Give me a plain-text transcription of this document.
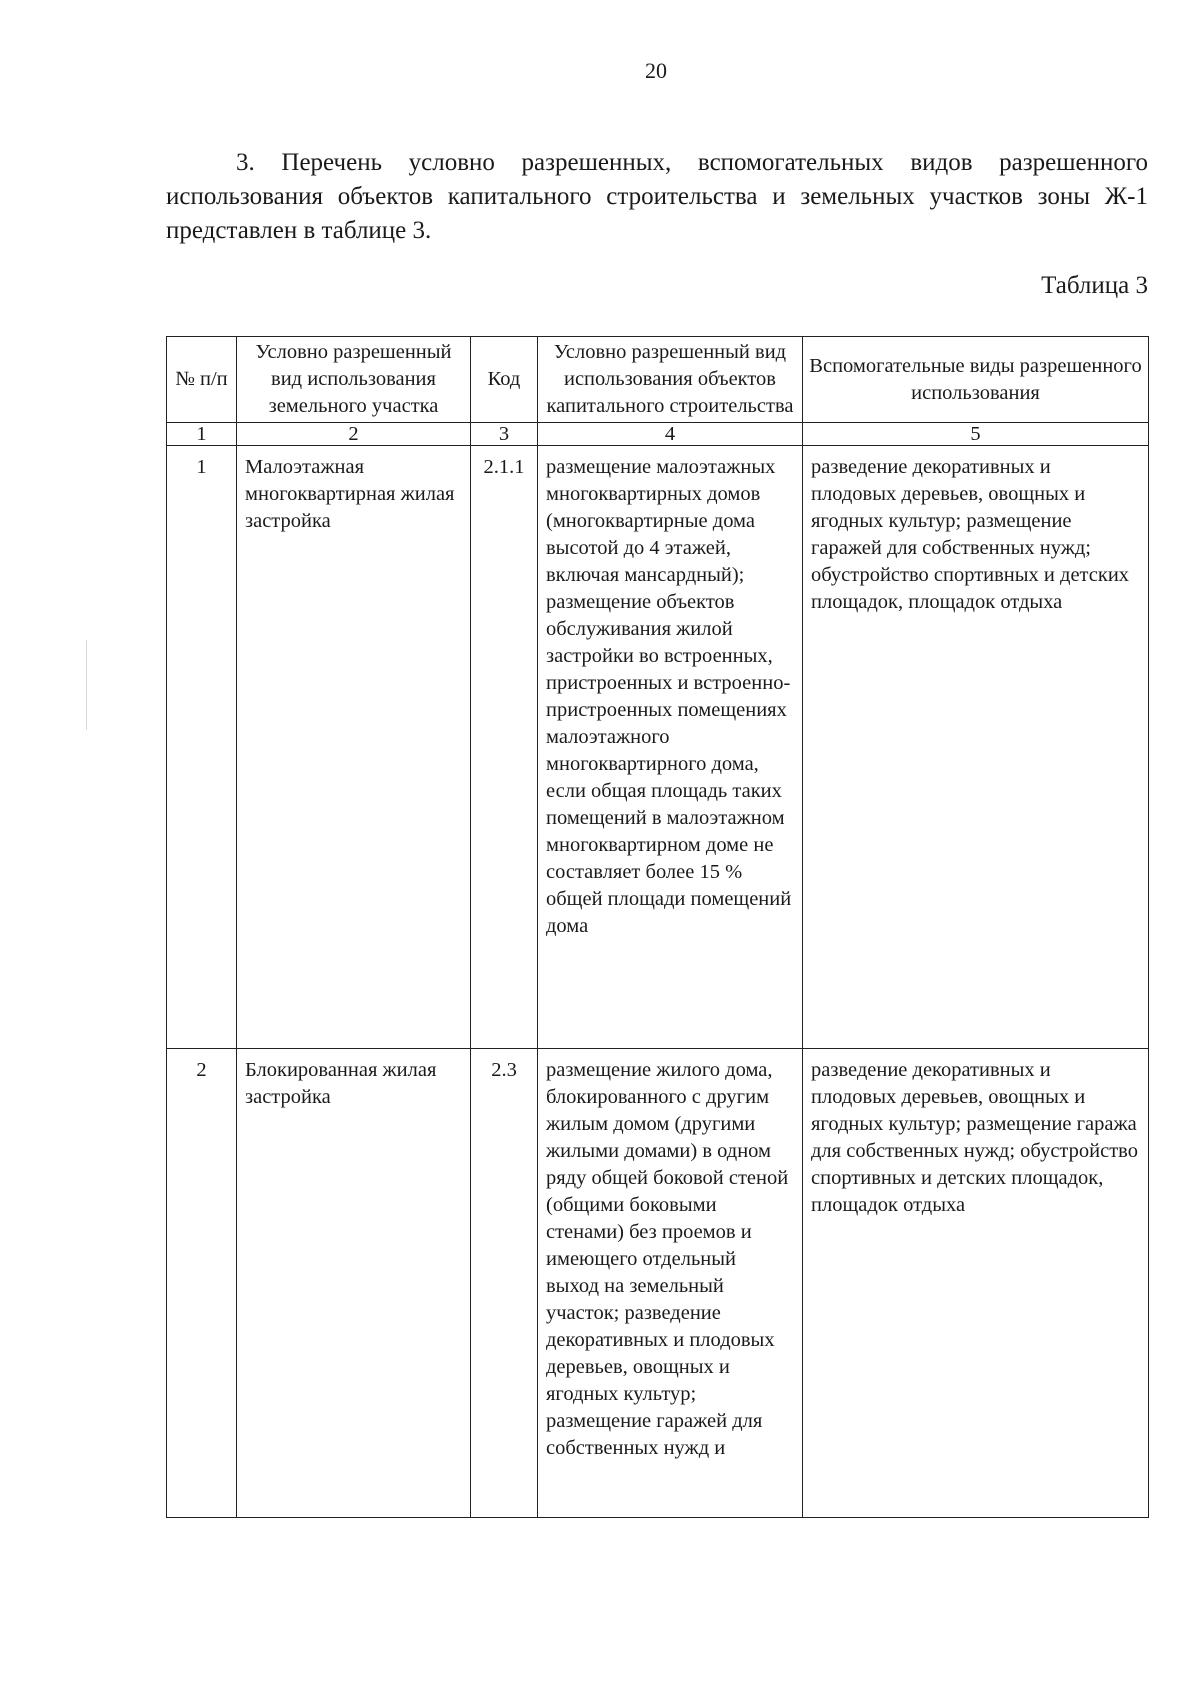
20

3. Перечень условно разрешенных, вспомогательных видов разрешенного использования объектов капитального строительства и земельных участков зоны Ж-1 представлен в таблице 3.

Таблица 3
№ п/п	Условно разрешенный вид использования земельного участка	Код	Условно разрешенный вид использования объектов капитального строительства	Вспомогательные виды разрешенного использования
1	2	3	4	5
1	Малоэтажная многоквартирная жилая застройка	2.1.1	размещение малоэтажных многоквартирных домов (многоквартирные дома высотой до 4 этажей, включая мансардный); размещение объектов обслуживания жилой застройки во встроенных, пристроенных и встроенно-пристроенных помещениях малоэтажного многоквартирного дома, если общая площадь таких помещений в малоэтажном многоквартирном доме не составляет более 15 % общей площади помещений дома	разведение декоративных и плодовых деревьев, овощных и ягодных культур; размещение гаражей для собственных нужд; обустройство спортивных и детских площадок, площадок отдыха
2	Блокированная жилая застройка	2.3	размещение жилого дома, блокированного с другим жилым домом (другими жилыми домами) в одном ряду общей боковой стеной (общими боковыми стенами) без проемов и имеющего отдельный выход на земельный участок; разведение декоративных и плодовых деревьев, овощных и ягодных культур; размещение гаражей для собственных нужд и	разведение декоративных и плодовых деревьев, овощных и ягодных культур; размещение гаража для собственных нужд; обустройство спортивных и детских площадок, площадок отдыха
